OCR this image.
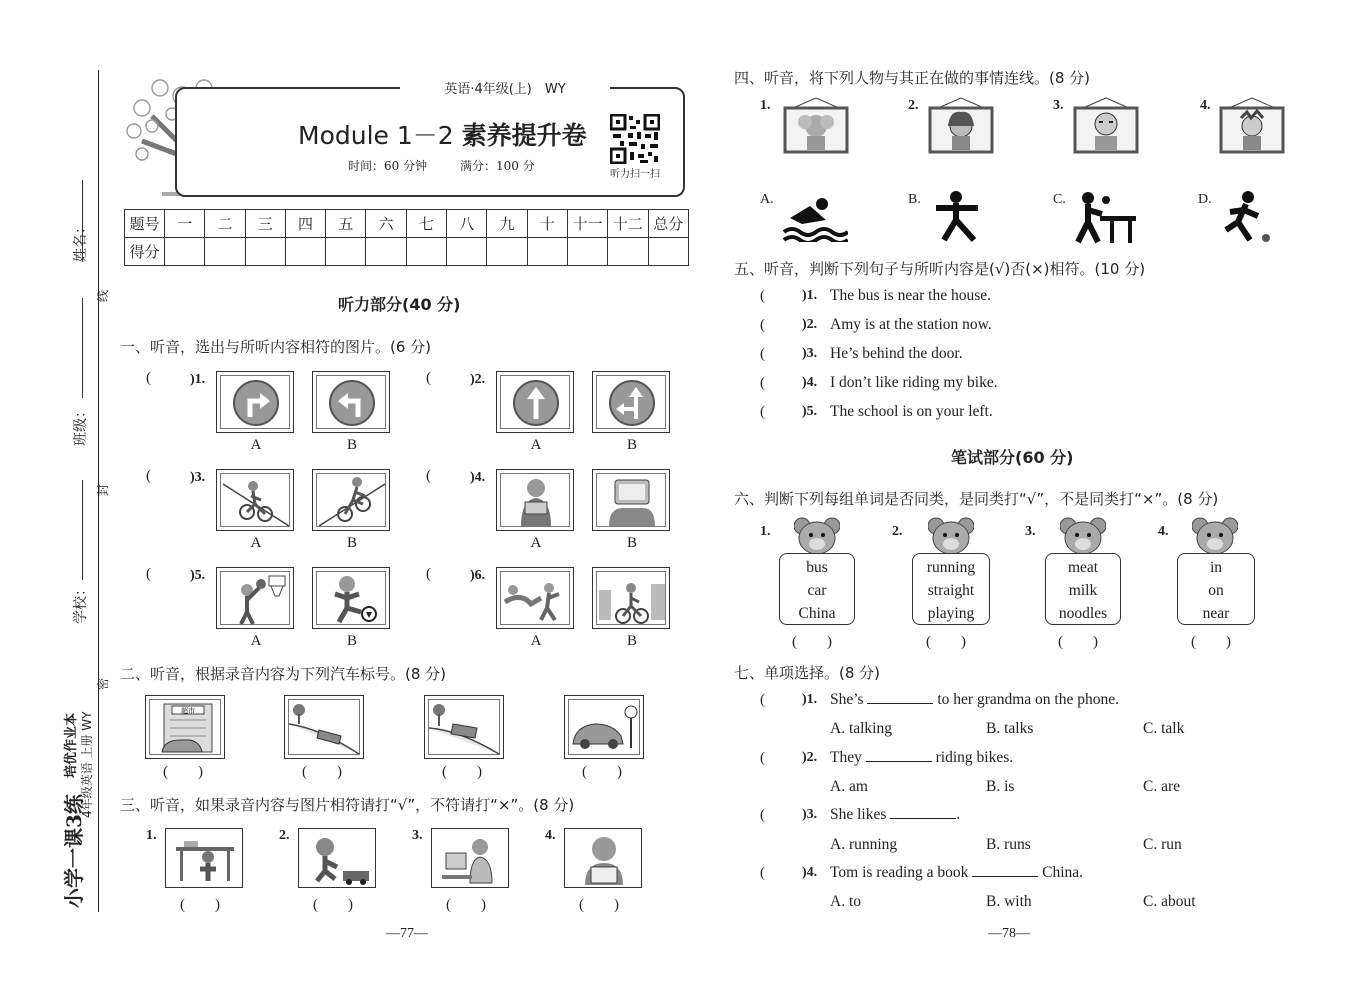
姓名：
班级：
学校：
线
封
密
小学一课3练
培优作业本 4年级英语 上册 WY
英语·4年级(上)　WY
Module 1－2 素养提升卷
时间：60 分钟	满分：100 分
听力扫一扫
题号	一	二	三	四	五	六	七	八	九	十	十一	十二	总分
得分													
听力部分(40 分)
一、听音，选出与所听内容相符的图片。(6 分)
(	)1.
A	B
(	)2.
A	B
(	)3.
A	B
(	)4.
A	B
(	)5.
A	B
(	)6.
A	B
二、听音，根据录音内容为下列汽车标号。(8 分)
超市
(　　)	(　　)	(　　)	(　　)
三、听音，如果录音内容与图片相符请打“√”，不符请打“×”。(8 分)
1.	2.	3.	4.
(　　)	(　　)	(　　)	(　　)
—77—
四、听音，将下列人物与其正在做的事情连线。(8 分)
1.	2.	3.	4.
A.	B.	C.	D.
五、听音，判断下列句子与所听内容是(√)否(×)相符。(10 分)
(	)1. The bus is near the house.
(	)2. Amy is at the station now.
(	)3. He’s behind the door.
(	)4. I don’t like riding my bike.
(	)5. The school is on your left.
笔试部分(60 分)
六、判断下列每组单词是否同类，是同类打“√”，不是同类打“×”。(8 分)
1.	2.	3.	4.
bus
car
China
running
straight
playing
meat
milk
noodles
in
on
near
(　　)	(　　)	(　　)	(　　)
七、单项选择。(8 分)
(	)1. She’s	to her grandma on the phone.
A. talking	B. talks	C. talk
(	)2. They	riding bikes.
A. am	B. is	C. are
(	)3. She likes	.
A. running	B. runs	C. run
(	)4. Tom is reading a book	China.
A. to	B. with	C. about
—78—
